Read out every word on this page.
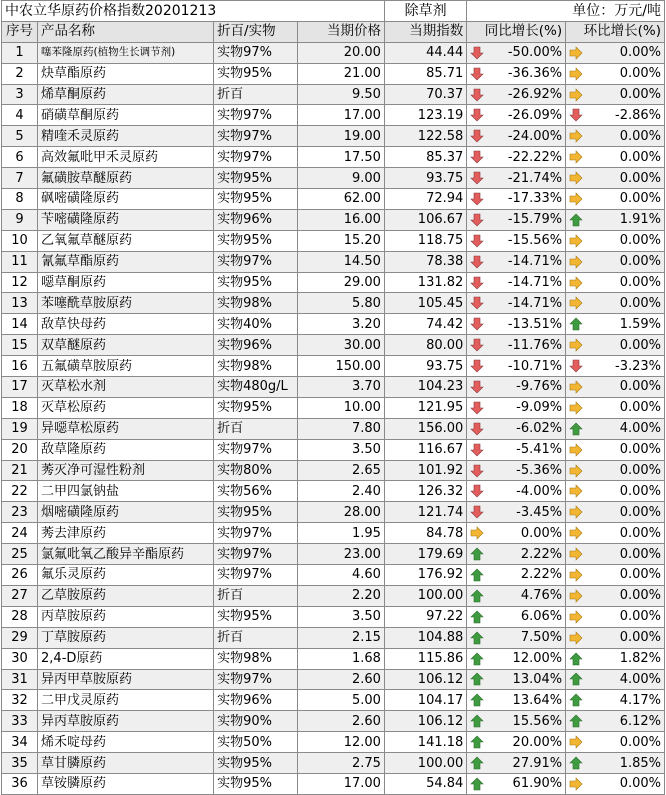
中农立华原药价格指数20201213				除草剂	单位：万元/吨	
序号	产品名称	折百/实物	当期价格	当期指数	同比增长(%)	环比增长(%)
1	噻苯隆原药(植物生长调节剂)	实物97%	20.00	44.44	-50.00%	0.00%

2	炔草酯原药	实物95%	21.00	85.71	-36.36%	0.00%

3	烯草酮原药	折百	9.50	70.37	-26.92%	0.00%

4	硝磺草酮原药	实物97%	17.00	123.19	-26.09%	-2.86%

5	精喹禾灵原药	实物97%	19.00	122.58	-24.00%	0.00%

6	高效氟吡甲禾灵原药	实物97%	17.50	85.37	-22.22%	0.00%

7	氟磺胺草醚原药	实物95%	9.00	93.75	-21.74%	0.00%

8	砜嘧磺隆原药	实物95%	62.00	72.94	-17.33%	0.00%

9	苄嘧磺隆原药	实物96%	16.00	106.67	-15.79%	1.91%

10	乙氧氟草醚原药	实物95%	15.20	118.75	-15.56%	0.00%

11	氰氟草酯原药	实物97%	14.50	78.38	-14.71%	0.00%

12	噁草酮原药	实物95%	29.00	131.82	-14.71%	0.00%

13	苯噻酰草胺原药	实物98%	5.80	105.45	-14.71%	0.00%

14	敌草快母药	实物40%	3.20	74.42	-13.51%	1.59%

15	双草醚原药	实物96%	30.00	80.00	-11.76%	0.00%

16	五氟磺草胺原药	实物98%	150.00	93.75	-10.71%	-3.23%

17	灭草松水剂	实物480g/L	3.70	104.23	-9.76%	0.00%

18	灭草松原药	实物95%	10.00	121.95	-9.09%	0.00%

19	异噁草松原药	折百	7.80	156.00	-6.02%	4.00%

20	敌草隆原药	实物97%	3.50	116.67	-5.41%	0.00%

21	莠灭净可湿性粉剂	实物80%	2.65	101.92	-5.36%	0.00%

22	二甲四氯钠盐	实物56%	2.40	126.32	-4.00%	0.00%

23	烟嘧磺隆原药	实物95%	28.00	121.74	-3.45%	0.00%

24	莠去津原药	实物97%	1.95	84.78	0.00%	0.00%

25	氯氟吡氧乙酸异辛酯原药	实物97%	23.00	179.69	2.22%	0.00%

26	氟乐灵原药	实物97%	4.60	176.92	2.22%	0.00%

27	乙草胺原药	折百	2.20	100.00	4.76%	0.00%

28	丙草胺原药	实物95%	3.50	97.22	6.06%	0.00%

29	丁草胺原药	折百	2.15	104.88	7.50%	0.00%

30	2,4-D原药	实物98%	1.68	115.86	12.00%	1.82%

31	异丙甲草胺原药	实物97%	2.60	106.12	13.04%	4.00%

32	二甲戊灵原药	实物96%	5.00	104.17	13.64%	4.17%

33	异丙草胺原药	实物90%	2.60	106.12	15.56%	6.12%

34	烯禾啶母药	实物50%	12.00	141.18	20.00%	0.00%

35	草甘膦原药	实物95%	2.75	100.00	27.91%	1.85%

36	草铵膦原药	实物95%	17.00	54.84	61.90%	0.00%
